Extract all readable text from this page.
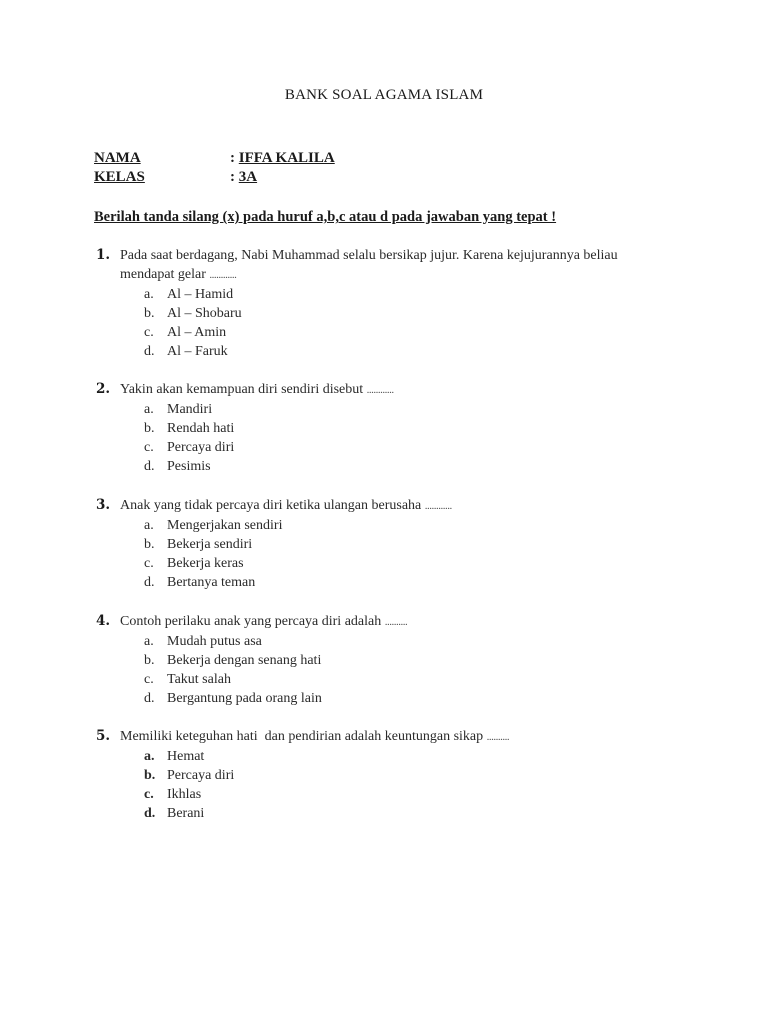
BANK SOAL AGAMA ISLAM
NAMA	: IFFA KALILA
KELAS	: 3A
Berilah tanda silang (x) pada huruf a,b,c atau d pada jawaban yang tepat !
1. Pada saat berdagang, Nabi Muhammad selalu bersikap jujur. Karena kejujurannya beliau
mendapat gelar ............
a. Al – Hamid
b. Al – Shobaru
c. Al – Amin
d. Al – Faruk
2. Yakin akan kemampuan diri sendiri disebut ............
a. Mandiri
b. Rendah hati
c. Percaya diri
d. Pesimis
3. Anak yang tidak percaya diri ketika ulangan berusaha ............
a. Mengerjakan sendiri
b. Bekerja sendiri
c. Bekerja keras
d. Bertanya teman
4. Contoh perilaku anak yang percaya diri adalah ..........
a. Mudah putus asa
b. Bekerja dengan senang hati
c. Takut salah
d. Bergantung pada orang lain
5. Memiliki keteguhan hati  dan pendirian adalah keuntungan sikap ..........
a. Hemat
b. Percaya diri
c. Ikhlas
d. Berani
